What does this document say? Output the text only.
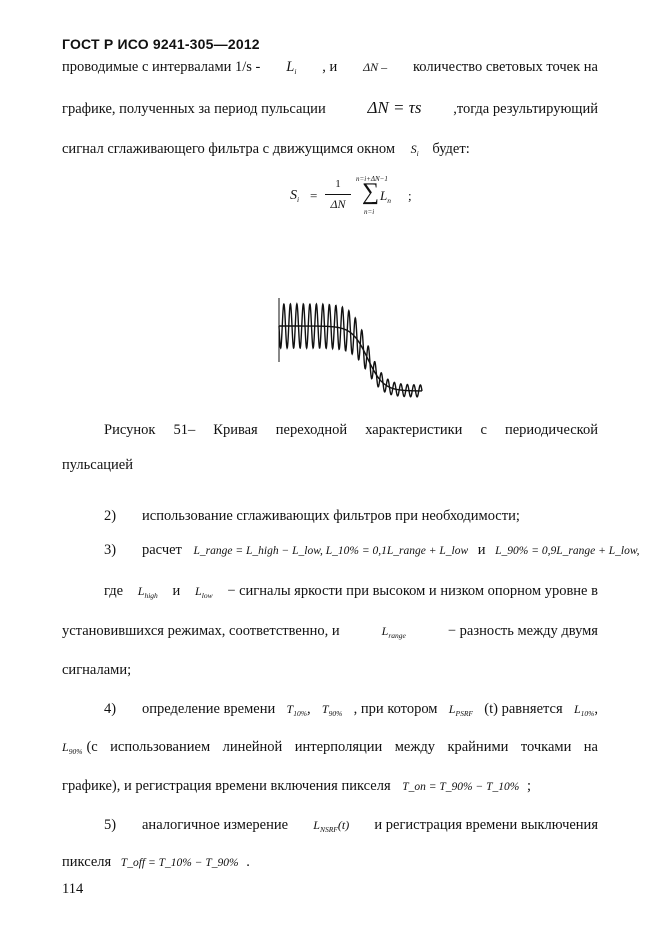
ГОСТ Р ИСО 9241-305—2012
проводимые с интервалами $1/s - L_i$ , и ΔN – количество световых точек на
графике, полученных за период пульсации ΔN = τs ,тогда результирующий
сигнал сглаживающего фильтра с движущимся окном $S_i$ будет:
$S_i$ =
1
ΔN
n=i+ΔN−1
∑
n=i
$L_n$ ;
Рисунок 51– Кривая переходной характеристики с периодической
пульсацией
2) использование сглаживающих фильтров при необходимости;
3) расчет L_range = L_high − L_low, L_10% = 0,1L_range + L_low и L_90% = 0,9L_range + L_low,
где $L_{high}$ и $L_{low}$ − сигналы яркости при высоком и низком опорном уровне в
установившихся режимах, соответственно, и	$L_{range}$	− разность между двумя
сигналами;
4) определение времени $T_{10\%}$, $T_{90\%}$ , при котором $L_{PSRF}$ (t) равняется $L_{10\%}$,
$L_{90\%}$ (с использованием линейной интерполяции между крайними точками на
графике), и регистрация времени включения пикселя T_on = T_90% − T_10% ;
5) аналогичное измерение $L_{NSRF}(t)$ и регистрация времени выключения
пикселя T_off = T_10% − T_90% .
114
